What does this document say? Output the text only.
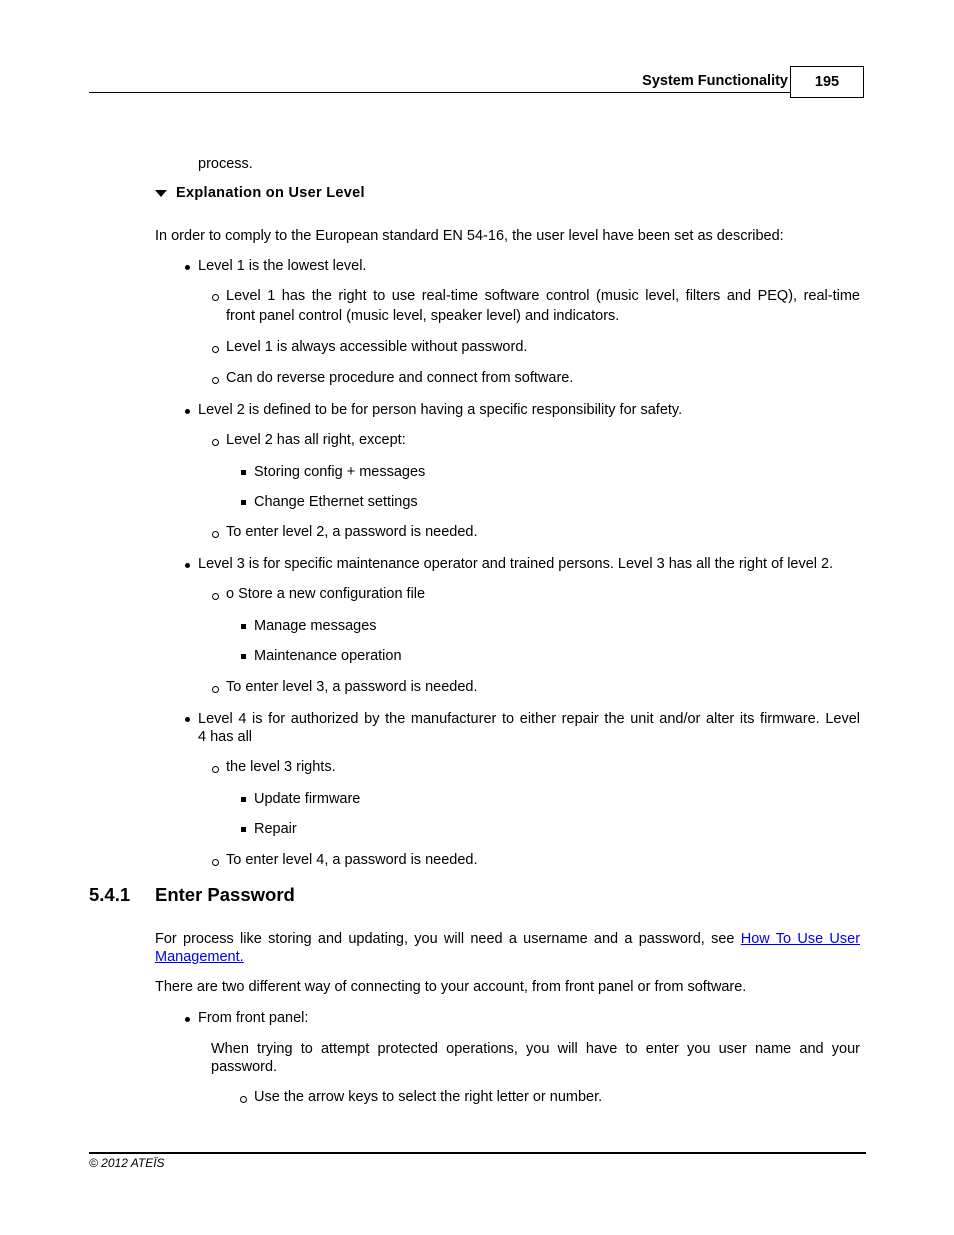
System Functionality	195
process.
Explanation on User Level
In order to comply to the European standard EN 54-16, the user level have been set as described:
Level 1 is the lowest level.
Level 1 has the right to use real-time software control (music level, filters and PEQ), real-time
front panel control (music level, speaker level) and indicators.
Level 1 is always accessible without password.
Can do reverse procedure and connect from software.
Level 2 is defined to be for person having a specific responsibility for safety.
Level 2 has all right, except:
Storing config + messages
Change Ethernet settings
To enter level 2, a password is needed.
Level 3 is for specific maintenance operator and trained persons. Level 3 has all the right of level 2.
o Store a new configuration file
Manage messages
Maintenance operation
To enter level 3, a password is needed.
Level 4 is for authorized by the manufacturer to either repair the unit and/or alter its firmware. Level
4 has all
the level 3 rights.
Update firmware
Repair
To enter level 4, a password is needed.
5.4.1 Enter Password
For process like storing and updating, you will need a username and a password, see How To Use User
Management.
There are two different way of connecting to your account, from front panel or from software.
From front panel:
When trying to attempt protected operations, you will have to enter you user name and your
password.
Use the arrow keys to select the right letter or number.
© 2012 ATEÏS
